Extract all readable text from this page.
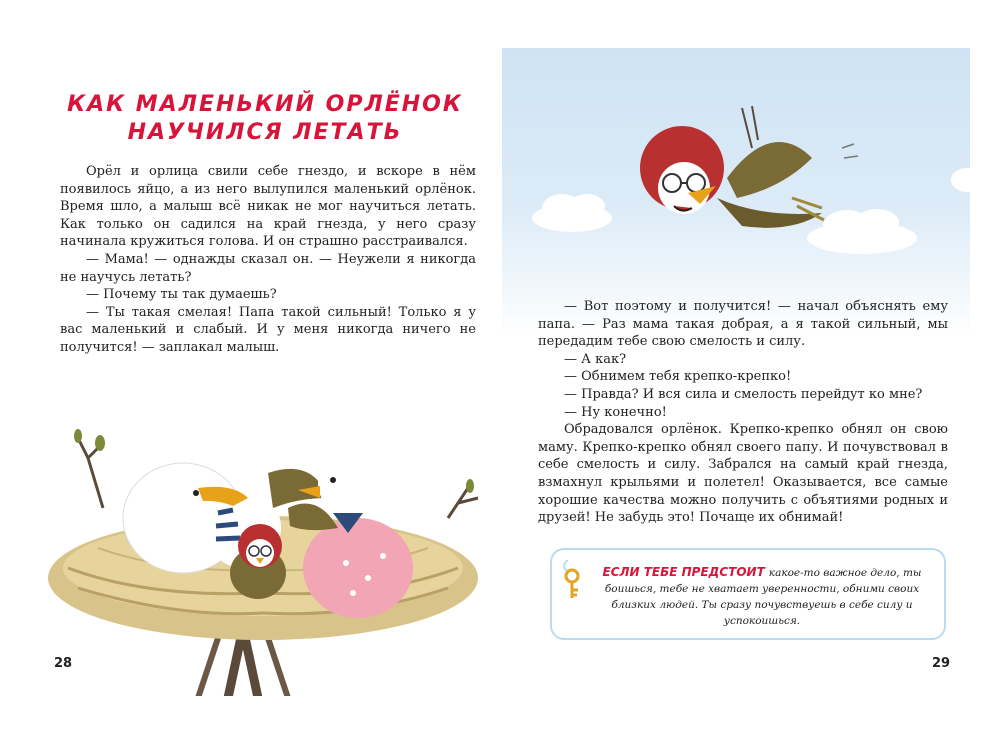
КАК МАЛЕНЬКИЙ ОРЛЁНОК
НАУЧИЛСЯ ЛЕТАТЬ

Орёл и орлица свили себе гнездо, и вскоре в нём появилось яйцо, а из него вылупился маленький орлёнок. Время шло, а малыш всё никак не мог научиться летать. Как только он садился на край гнезда, у него сразу начинала кружиться голова. И он страшно расстраивался.

— Мама! — однажды сказал он. — Неужели я никогда не научусь летать?

— Почему ты так думаешь?

— Ты такая смелая! Папа такой сильный! Только я у вас маленький и слабый. И у меня никогда ничего не получится! — заплакал малыш.

28

— Вот поэтому и получится! — начал объяснять ему папа. — Раз мама такая добрая, а я такой сильный, мы передадим тебе свою смелость и силу.

— А как?

— Обнимем тебя крепко-крепко!

— Правда? И вся сила и смелость перейдут ко мне?

— Ну конечно!

Обрадовался орлёнок. Крепко-крепко обнял он свою маму. Крепко-крепко обнял своего папу. И почувствовал в себе смелость и силу. Забрался на самый край гнезда, взмахнул крыльями и полетел! Оказывается, все самые хорошие качества можно получить с объятиями родных и друзей! Не забудь это! Почаще их обнимай!

ЕСЛИ ТЕБЕ ПРЕДСТОИТ какое-то важное дело, ты боишься, тебе не хватает уверенности, обними своих близких людей. Ты сразу почувствуешь в себе силу и успокоишься.
29
